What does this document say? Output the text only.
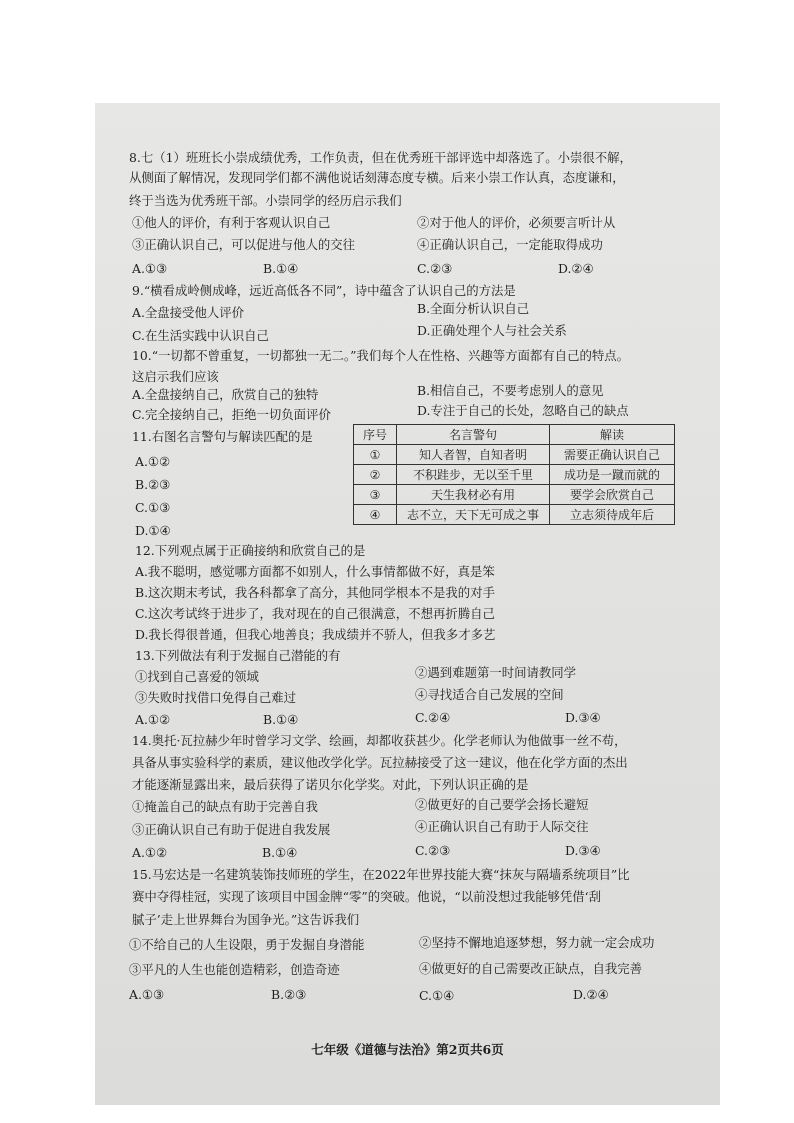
8.七（1）班班长小崇成绩优秀，工作负责，但在优秀班干部评选中却落选了。小崇很不解，
从侧面了解情况，发现同学们都不满他说话刻薄态度专横。后来小崇工作认真，态度谦和，
终于当选为优秀班干部。小崇同学的经历启示我们
①他人的评价，有利于客观认识自己	②对于他人的评价，必须要言听计从
③正确认识自己，可以促进与他人的交往	④正确认识自己，一定能取得成功
A.①③	B.①④	C.②③	D.②④
9.“横看成岭侧成峰，远近高低各不同”，诗中蕴含了认识自己的方法是
A.全盘接受他人评价	B.全面分析认识自己
C.在生活实践中认识自己	D.正确处理个人与社会关系
10.“一切都不曾重复，一切都独一无二。”我们每个人在性格、兴趣等方面都有自己的特点。
这启示我们应该
A.全盘接纳自己，欣赏自己的独特	B.相信自己，不要考虑别人的意见
C.完全接纳自己，拒绝一切负面评价	D.专注于自己的长处，忽略自己的缺点
11.右图名言警句与解读匹配的是
A.①②
B.②③
C.①③
D.①④
序号	名言警句	解读
①	知人者智，自知者明	需要正确认识自己
②	不积跬步，无以至千里	成功是一蹴而就的
③	天生我材必有用	要学会欣赏自己
④	志不立，天下无可成之事	立志须待成年后
12.下列观点属于正确接纳和欣赏自己的是
A.我不聪明，感觉哪方面都不如别人，什么事情都做不好，真是笨
B.这次期末考试，我各科都拿了高分，其他同学根本不是我的对手
C.这次考试终于进步了，我对现在的自己很满意，不想再折腾自己
D.我长得很普通，但我心地善良；我成绩并不骄人，但我多才多艺
13.下列做法有利于发掘自己潜能的有
①找到自己喜爱的领域	②遇到难题第一时间请教同学
③失败时找借口免得自己难过	④寻找适合自己发展的空间
A.①②	B.①④	C.②④	D.③④
14.奥托·瓦拉赫少年时曾学习文学、绘画，却都收获甚少。化学老师认为他做事一丝不苟，
具备从事实验科学的素质，建议他改学化学。瓦拉赫接受了这一建议，他在化学方面的杰出
才能逐渐显露出来，最后获得了诺贝尔化学奖。对此，下列认识正确的是
①掩盖自己的缺点有助于完善自我	②做更好的自己要学会扬长避短
③正确认识自己有助于促进自我发展	④正确认识自己有助于人际交往
A.①②	B.①④	C.②③	D.③④
15.马宏达是一名建筑装饰技师班的学生，在2022年世界技能大赛“抹灰与隔墙系统项目”比
赛中夺得桂冠，实现了该项目中国金牌“零”的突破。他说，“以前没想过我能够凭借‘刮
腻子’走上世界舞台为国争光。”这告诉我们
①不给自己的人生设限，勇于发掘自身潜能	②坚持不懈地追逐梦想，努力就一定会成功
③平凡的人生也能创造精彩，创造奇迹	④做更好的自己需要改正缺点，自我完善
A.①③	B.②③	C.①④	D.②④
七年级《道德与法治》第2页共6页
